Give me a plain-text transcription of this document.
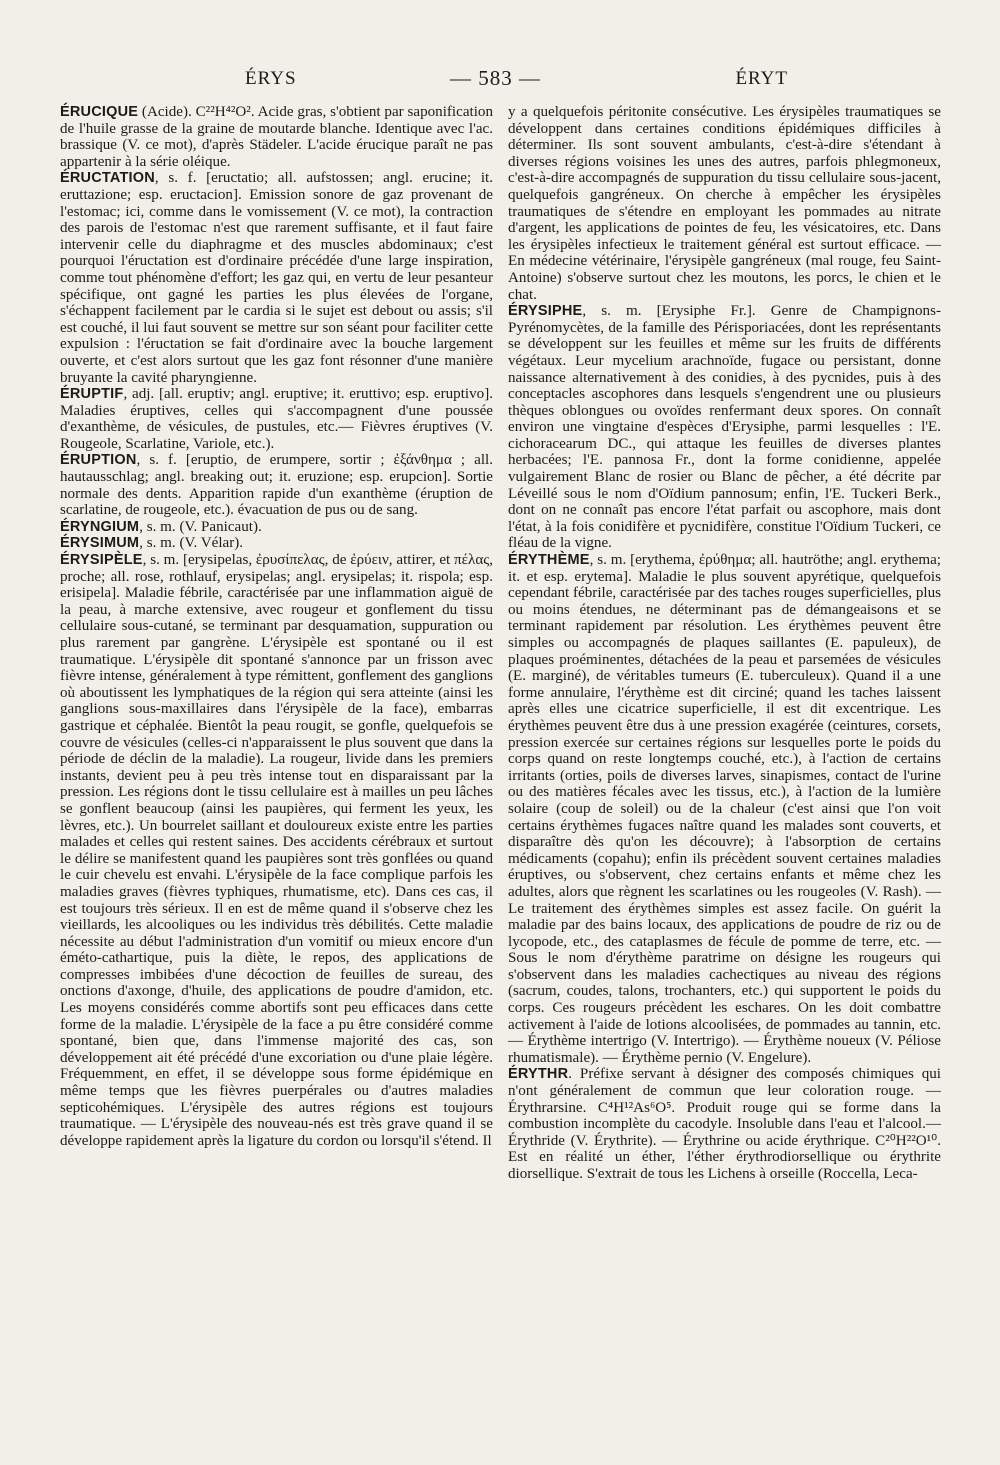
ÉRYS	— 583 —	ÉRYT

ÉRUCIQUE (Acide). C²²H⁴²O². Acide gras, s'obtient par saponification de l'huile grasse de la graine de moutarde blanche. Identique avec l'ac. brassique (V. ce mot), d'après Städeler. L'acide érucique paraît ne pas appartenir à la série oléique.

ÉRUCTATION, s. f. [eructatio; all. aufstossen; angl. erucine; it. eruttazione; esp. eructacion]. Emission sonore de gaz provenant de l'estomac; ici, comme dans le vomissement (V. ce mot), la contraction des parois de l'estomac n'est que rarement suffisante, et il faut faire intervenir celle du diaphragme et des muscles abdominaux; c'est pourquoi l'éructation est d'ordinaire précédée d'une large inspiration, comme tout phénomène d'effort; les gaz qui, en vertu de leur pesanteur spécifique, ont gagné les parties les plus élevées de l'organe, s'échappent facilement par le cardia si le sujet est debout ou assis; s'il est couché, il lui faut souvent se mettre sur son séant pour faciliter cette expulsion : l'éructation se fait d'ordinaire avec la bouche largement ouverte, et c'est alors surtout que les gaz font résonner d'une manière bruyante la cavité pharyngienne.

ÉRUPTIF, adj. [all. eruptiv; angl. eruptive; it. eruttivo; esp. eruptivo]. Maladies éruptives, celles qui s'accompagnent d'une poussée d'exanthème, de vésicules, de pustules, etc.— Fièvres éruptives (V. Rougeole, Scarlatine, Variole, etc.).

ÉRUPTION, s. f. [eruptio, de erumpere, sortir ; ἐξάνθημα ; all. hautausschlag; angl. breaking out; it. eruzione; esp. erupcion]. Sortie normale des dents. Apparition rapide d'un exanthème (éruption de scarlatine, de rougeole, etc.). évacuation de pus ou de sang.

ÉRYNGIUM, s. m. (V. Panicaut).

ÉRYSIMUM, s. m. (V. Vélar).

ÉRYSIPÈLE, s. m. [erysipelas, ἐρυσίπελας, de ἐρύειν, attirer, et πέλας, proche; all. rose, rothlauf, erysipelas; angl. erysipelas; it. rispola; esp. erisipela]. Maladie fébrile, caractérisée par une inflammation aiguë de la peau, à marche extensive, avec rougeur et gonflement du tissu cellulaire sous-cutané, se terminant par desquamation, suppuration ou plus rarement par gangrène. L'érysipèle est spontané ou il est traumatique. L'érysipèle dit spontané s'annonce par un frisson avec fièvre intense, généralement à type rémittent, gonflement des ganglions où aboutissent les lymphatiques de la région qui sera atteinte (ainsi les ganglions sous-maxillaires dans l'érysipèle de la face), embarras gastrique et céphalée. Bientôt la peau rougit, se gonfle, quelquefois se couvre de vésicules (celles-ci n'apparaissent le plus souvent que dans la période de déclin de la maladie). La rougeur, livide dans les premiers instants, devient peu à peu très intense tout en disparaissant par la pression. Les régions dont le tissu cellulaire est à mailles un peu lâches se gonflent beaucoup (ainsi les paupières, qui ferment les yeux, les lèvres, etc.). Un bourrelet saillant et douloureux existe entre les parties malades et celles qui restent saines. Des accidents cérébraux et surtout le délire se manifestent quand les paupières sont très gonflées ou quand le cuir chevelu est envahi. L'érysipèle de la face complique parfois les maladies graves (fièvres typhiques, rhumatisme, etc). Dans ces cas, il est toujours très sérieux. Il en est de même quand il s'observe chez les vieillards, les alcooliques ou les individus très débilités. Cette maladie nécessite au début l'administration d'un vomitif ou mieux encore d'un éméto-cathartique, puis la diète, le repos, des applications de compresses imbibées d'une décoction de feuilles de sureau, des onctions d'axonge, d'huile, des applications de poudre d'amidon, etc. Les moyens considérés comme abortifs sont peu efficaces dans cette forme de la maladie. L'érysipèle de la face a pu être considéré comme spontané, bien que, dans l'immense majorité des cas, son développement ait été précédé d'une excoriation ou d'une plaie légère. Fréquemment, en effet, il se développe sous forme épidémique en même temps que les fièvres puerpérales ou d'autres maladies septicohémiques. L'érysipèle des autres régions est toujours traumatique. — L'érysipèle des nouveau-nés est très grave quand il se développe rapidement après la ligature du cordon ou lorsqu'il s'étend. Il

y a quelquefois péritonite consécutive. Les érysipèles traumatiques se développent dans certaines conditions épidémiques difficiles à déterminer. Ils sont souvent ambulants, c'est-à-dire s'étendant à diverses régions voisines les unes des autres, parfois phlegmoneux, c'est-à-dire accompagnés de suppuration du tissu cellulaire sous-jacent, quelquefois gangréneux. On cherche à empêcher les érysipèles traumatiques de s'étendre en employant les pommades au nitrate d'argent, les applications de pointes de feu, les vésicatoires, etc. Dans les érysipèles infectieux le traitement général est surtout efficace. — En médecine vétérinaire, l'érysipèle gangréneux (mal rouge, feu Saint-Antoine) s'observe surtout chez les moutons, les porcs, le chien et le chat.

ÉRYSIPHE, s. m. [Erysiphe Fr.]. Genre de Champignons-Pyrénomycètes, de la famille des Périsporiacées, dont les représentants se développent sur les feuilles et même sur les fruits de différents végétaux. Leur mycelium arachnoïde, fugace ou persistant, donne naissance alternativement à des conidies, à des pycnides, puis à des conceptacles ascophores dans lesquels s'engendrent une ou plusieurs thèques oblongues ou ovoïdes renfermant deux spores. On connaît environ une vingtaine d'espèces d'Erysiphe, parmi lesquelles : l'E. cichoracearum DC., qui attaque les feuilles de diverses plantes herbacées; l'E. pannosa Fr., dont la forme conidienne, appelée vulgairement Blanc de rosier ou Blanc de pêcher, a été décrite par Léveillé sous le nom d'Oïdium pannosum; enfin, l'E. Tuckeri Berk., dont on ne connaît pas encore l'état parfait ou ascophore, mais dont l'état, à la fois conidifère et pycnidifère, constitue l'Oïdium Tuckeri, ce fléau de la vigne.

ÉRYTHÈME, s. m. [erythema, ἐρύθημα; all. hautröthe; angl. erythema; it. et esp. erytema]. Maladie le plus souvent apyrétique, quelquefois cependant fébrile, caractérisée par des taches rouges superficielles, plus ou moins étendues, ne déterminant pas de démangeaisons et se terminant rapidement par résolution. Les érythèmes peuvent être simples ou accompagnés de plaques saillantes (E. papuleux), de plaques proéminentes, détachées de la peau et parsemées de vésicules (E. marginé), de véritables tumeurs (E. tuberculeux). Quand il a une forme annulaire, l'érythème est dit circiné; quand les taches laissent après elles une cicatrice superficielle, il est dit excentrique. Les érythèmes peuvent être dus à une pression exagérée (ceintures, corsets, pression exercée sur certaines régions sur lesquelles porte le poids du corps quand on reste longtemps couché, etc.), à l'action de certains irritants (orties, poils de diverses larves, sinapismes, contact de l'urine ou des matières fécales avec les tissus, etc.), à l'action de la lumière solaire (coup de soleil) ou de la chaleur (c'est ainsi que l'on voit certains érythèmes fugaces naître quand les malades sont couverts, et disparaître dès qu'on les découvre); à l'absorption de certains médicaments (copahu); enfin ils précèdent souvent certaines maladies éruptives, ou s'observent, chez certains enfants et même chez les adultes, alors que règnent les scarlatines ou les rougeoles (V. Rash). — Le traitement des érythèmes simples est assez facile. On guérit la maladie par des bains locaux, des applications de poudre de riz ou de lycopode, etc., des cataplasmes de fécule de pomme de terre, etc. — Sous le nom d'érythème paratrime on désigne les rougeurs qui s'observent dans les maladies cachectiques au niveau des régions (sacrum, coudes, talons, trochanters, etc.) qui supportent le poids du corps. Ces rougeurs précèdent les eschares. On les doit combattre activement à l'aide de lotions alcoolisées, de pommades au tannin, etc. — Érythème intertrigo (V. Intertrigo). — Érythème noueux (V. Péliose rhumatismale). — Érythème pernio (V. Engelure).

ÉRYTHR. Préfixe servant à désigner des composés chimiques qui n'ont généralement de commun que leur coloration rouge. — Érythrarsine. C⁴H¹²As⁶O⁵. Produit rouge qui se forme dans la combustion incomplète du cacodyle. Insoluble dans l'eau et l'alcool.— Érythride (V. Érythrite). — Érythrine ou acide érythrique. C²⁰H²²O¹⁰. Est en réalité un éther, l'éther érythrodiorsellique ou érythrite diorsellique. S'extrait de tous les Lichens à orseille (Roccella, Leca-
